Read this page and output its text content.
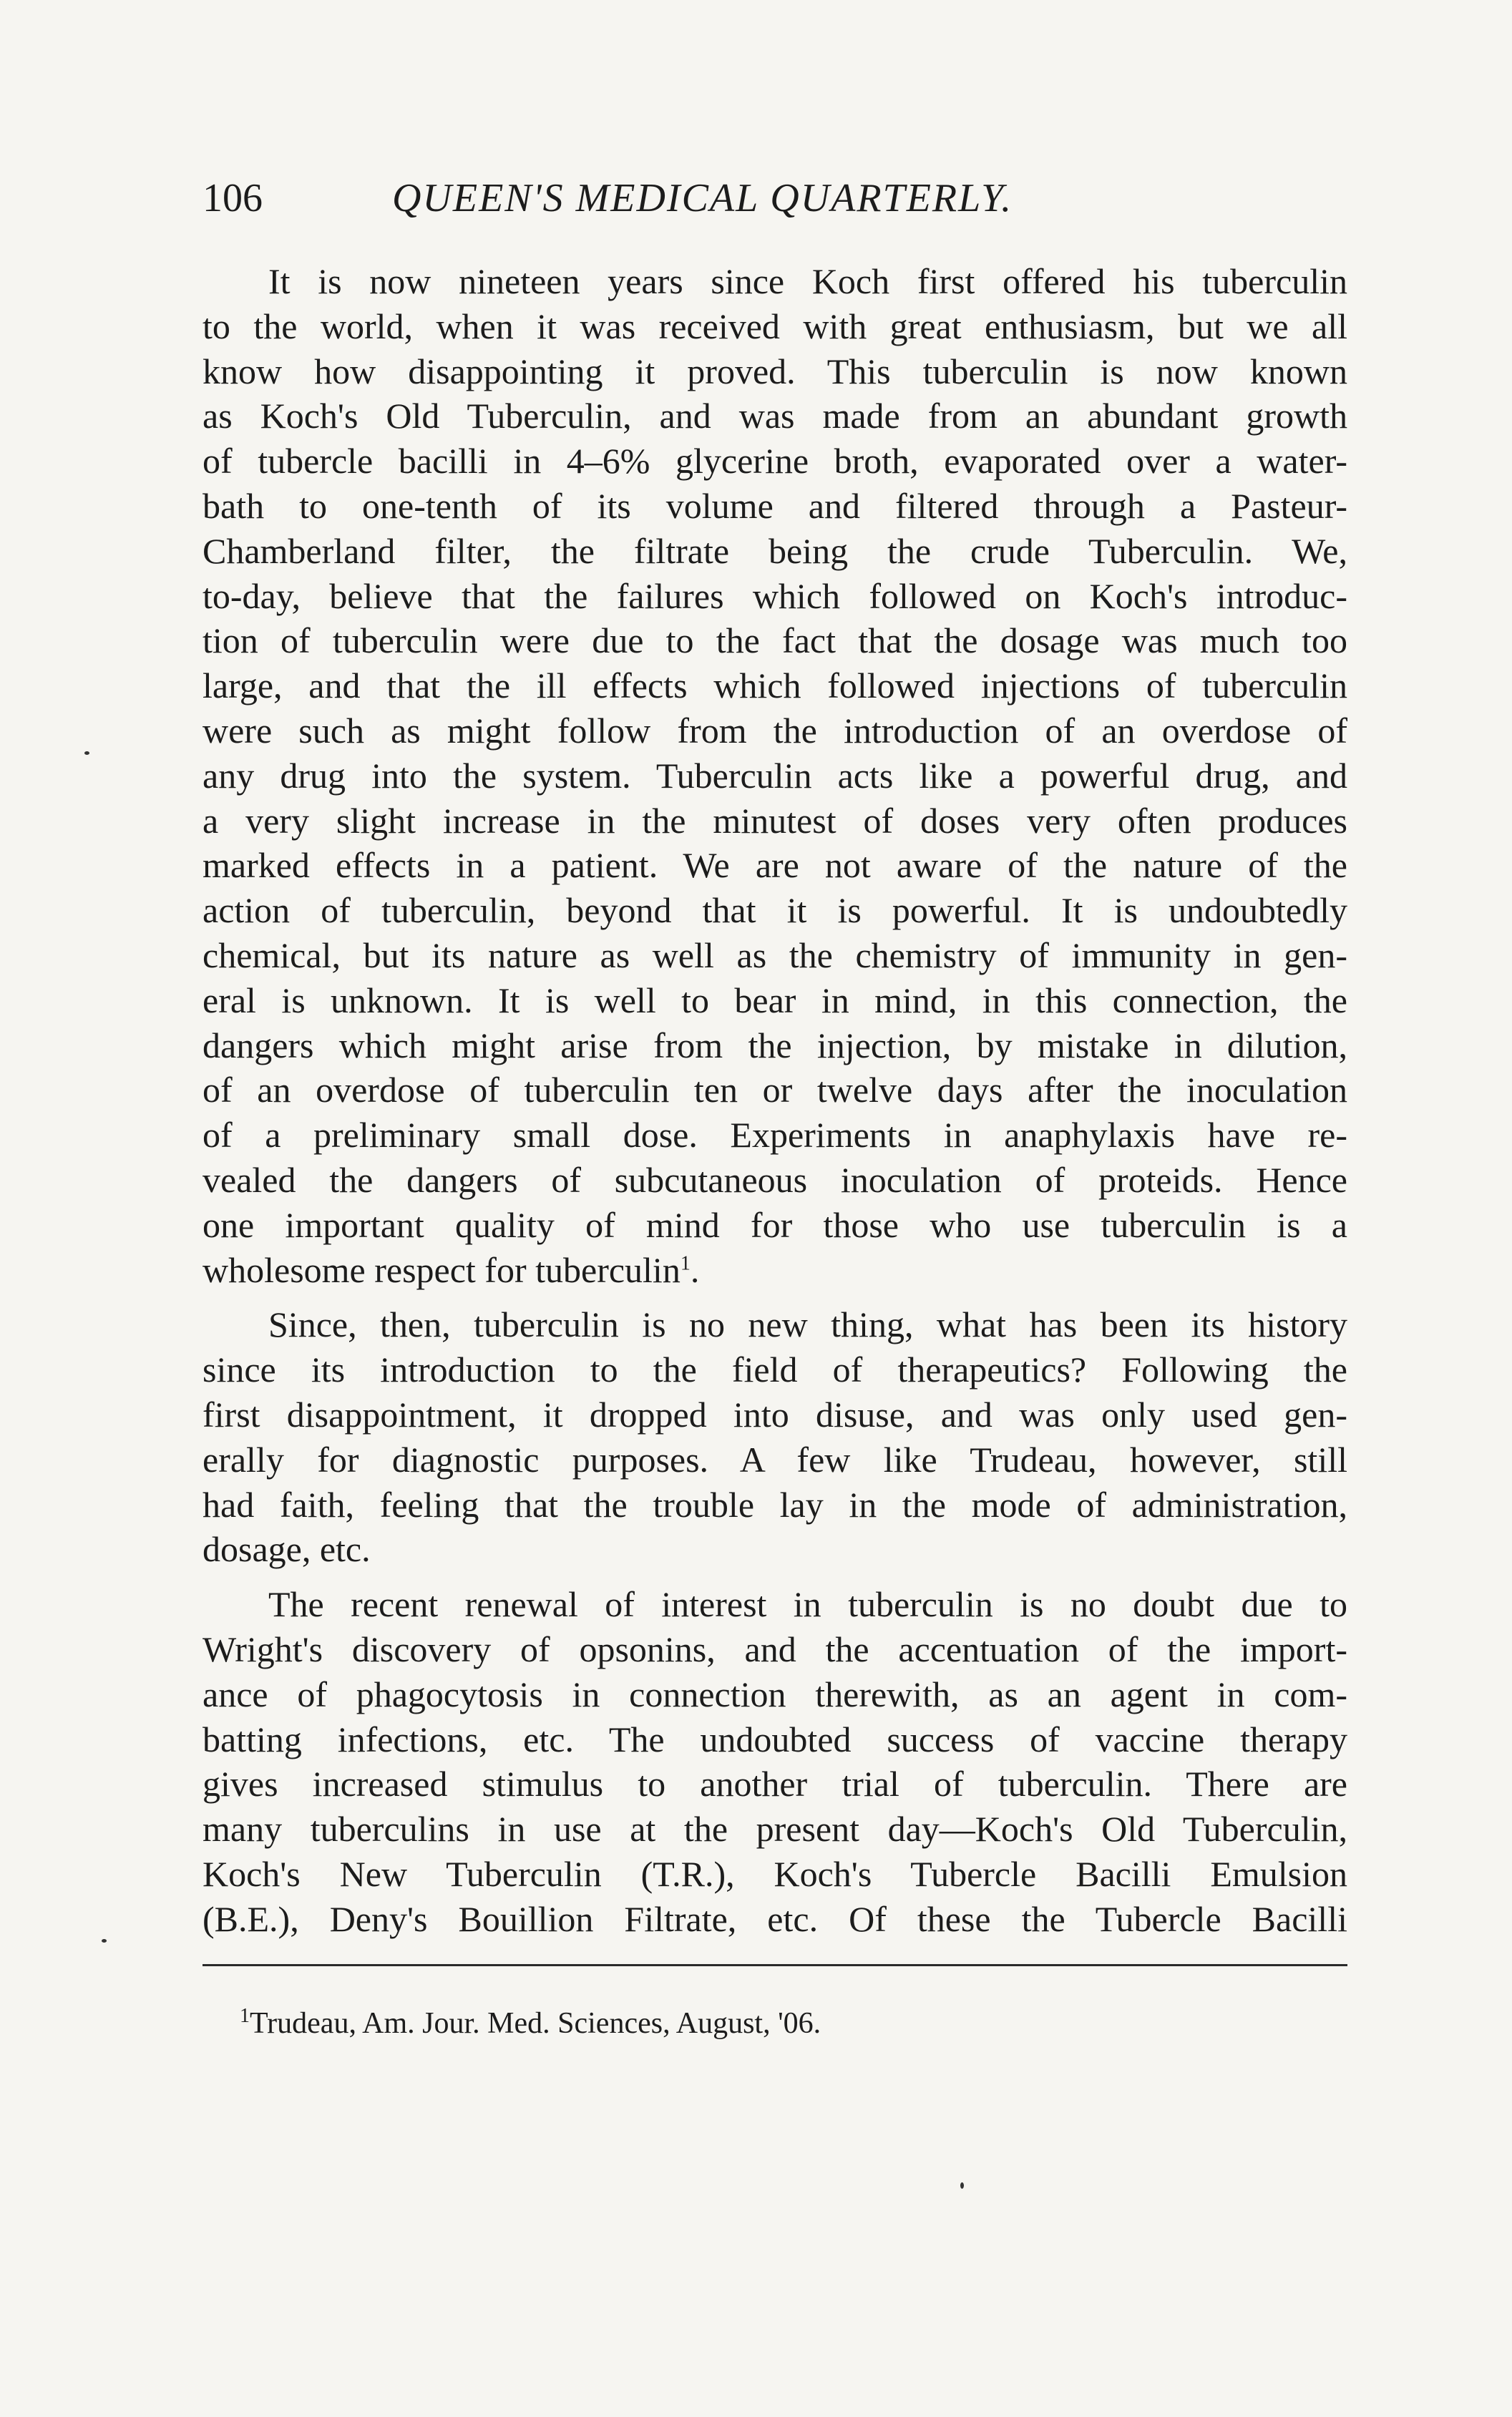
106	QUEEN'S MEDICAL QUARTERLY.
It is now nineteen years since Koch first offered his tuberculin
to the world, when it was received with great enthusiasm, but we all
know how disappointing it proved. This tuberculin is now known
as Koch's Old Tuberculin, and was made from an abundant growth
of tubercle bacilli in 4–6% glycerine broth, evaporated over a water-
bath to one-tenth of its volume and filtered through a Pasteur-
Chamberland filter, the filtrate being the crude Tuberculin. We,
to-day, believe that the failures which followed on Koch's introduc-
tion of tuberculin were due to the fact that the dosage was much too
large, and that the ill effects which followed injections of tuberculin
were such as might follow from the introduction of an overdose of
any drug into the system. Tuberculin acts like a powerful drug, and
a very slight increase in the minutest of doses very often produces
marked effects in a patient. We are not aware of the nature of the
action of tuberculin, beyond that it is powerful. It is undoubtedly
chemical, but its nature as well as the chemistry of immunity in gen-
eral is unknown. It is well to bear in mind, in this connection, the
dangers which might arise from the injection, by mistake in dilution,
of an overdose of tuberculin ten or twelve days after the inoculation
of a preliminary small dose. Experiments in anaphylaxis have re-
vealed the dangers of subcutaneous inoculation of proteids. Hence
one important quality of mind for those who use tuberculin is a
wholesome respect for tuberculin$^1$.
Since, then, tuberculin is no new thing, what has been its history
since its introduction to the field of therapeutics? Following the
first disappointment, it dropped into disuse, and was only used gen-
erally for diagnostic purposes. A few like Trudeau, however, still
had faith, feeling that the trouble lay in the mode of administration,
dosage, etc.
The recent renewal of interest in tuberculin is no doubt due to
Wright's discovery of opsonins, and the accentuation of the import-
ance of phagocytosis in connection therewith, as an agent in com-
batting infections, etc. The undoubted success of vaccine therapy
gives increased stimulus to another trial of tuberculin. There are
many tuberculins in use at the present day—Koch's Old Tuberculin,
Koch's New Tuberculin (T.R.), Koch's Tubercle Bacilli Emulsion
(B.E.), Deny's Bouillion Filtrate, etc. Of these the Tubercle Bacilli
$^1$Trudeau, Am. Jour. Med. Sciences, August, '06.
